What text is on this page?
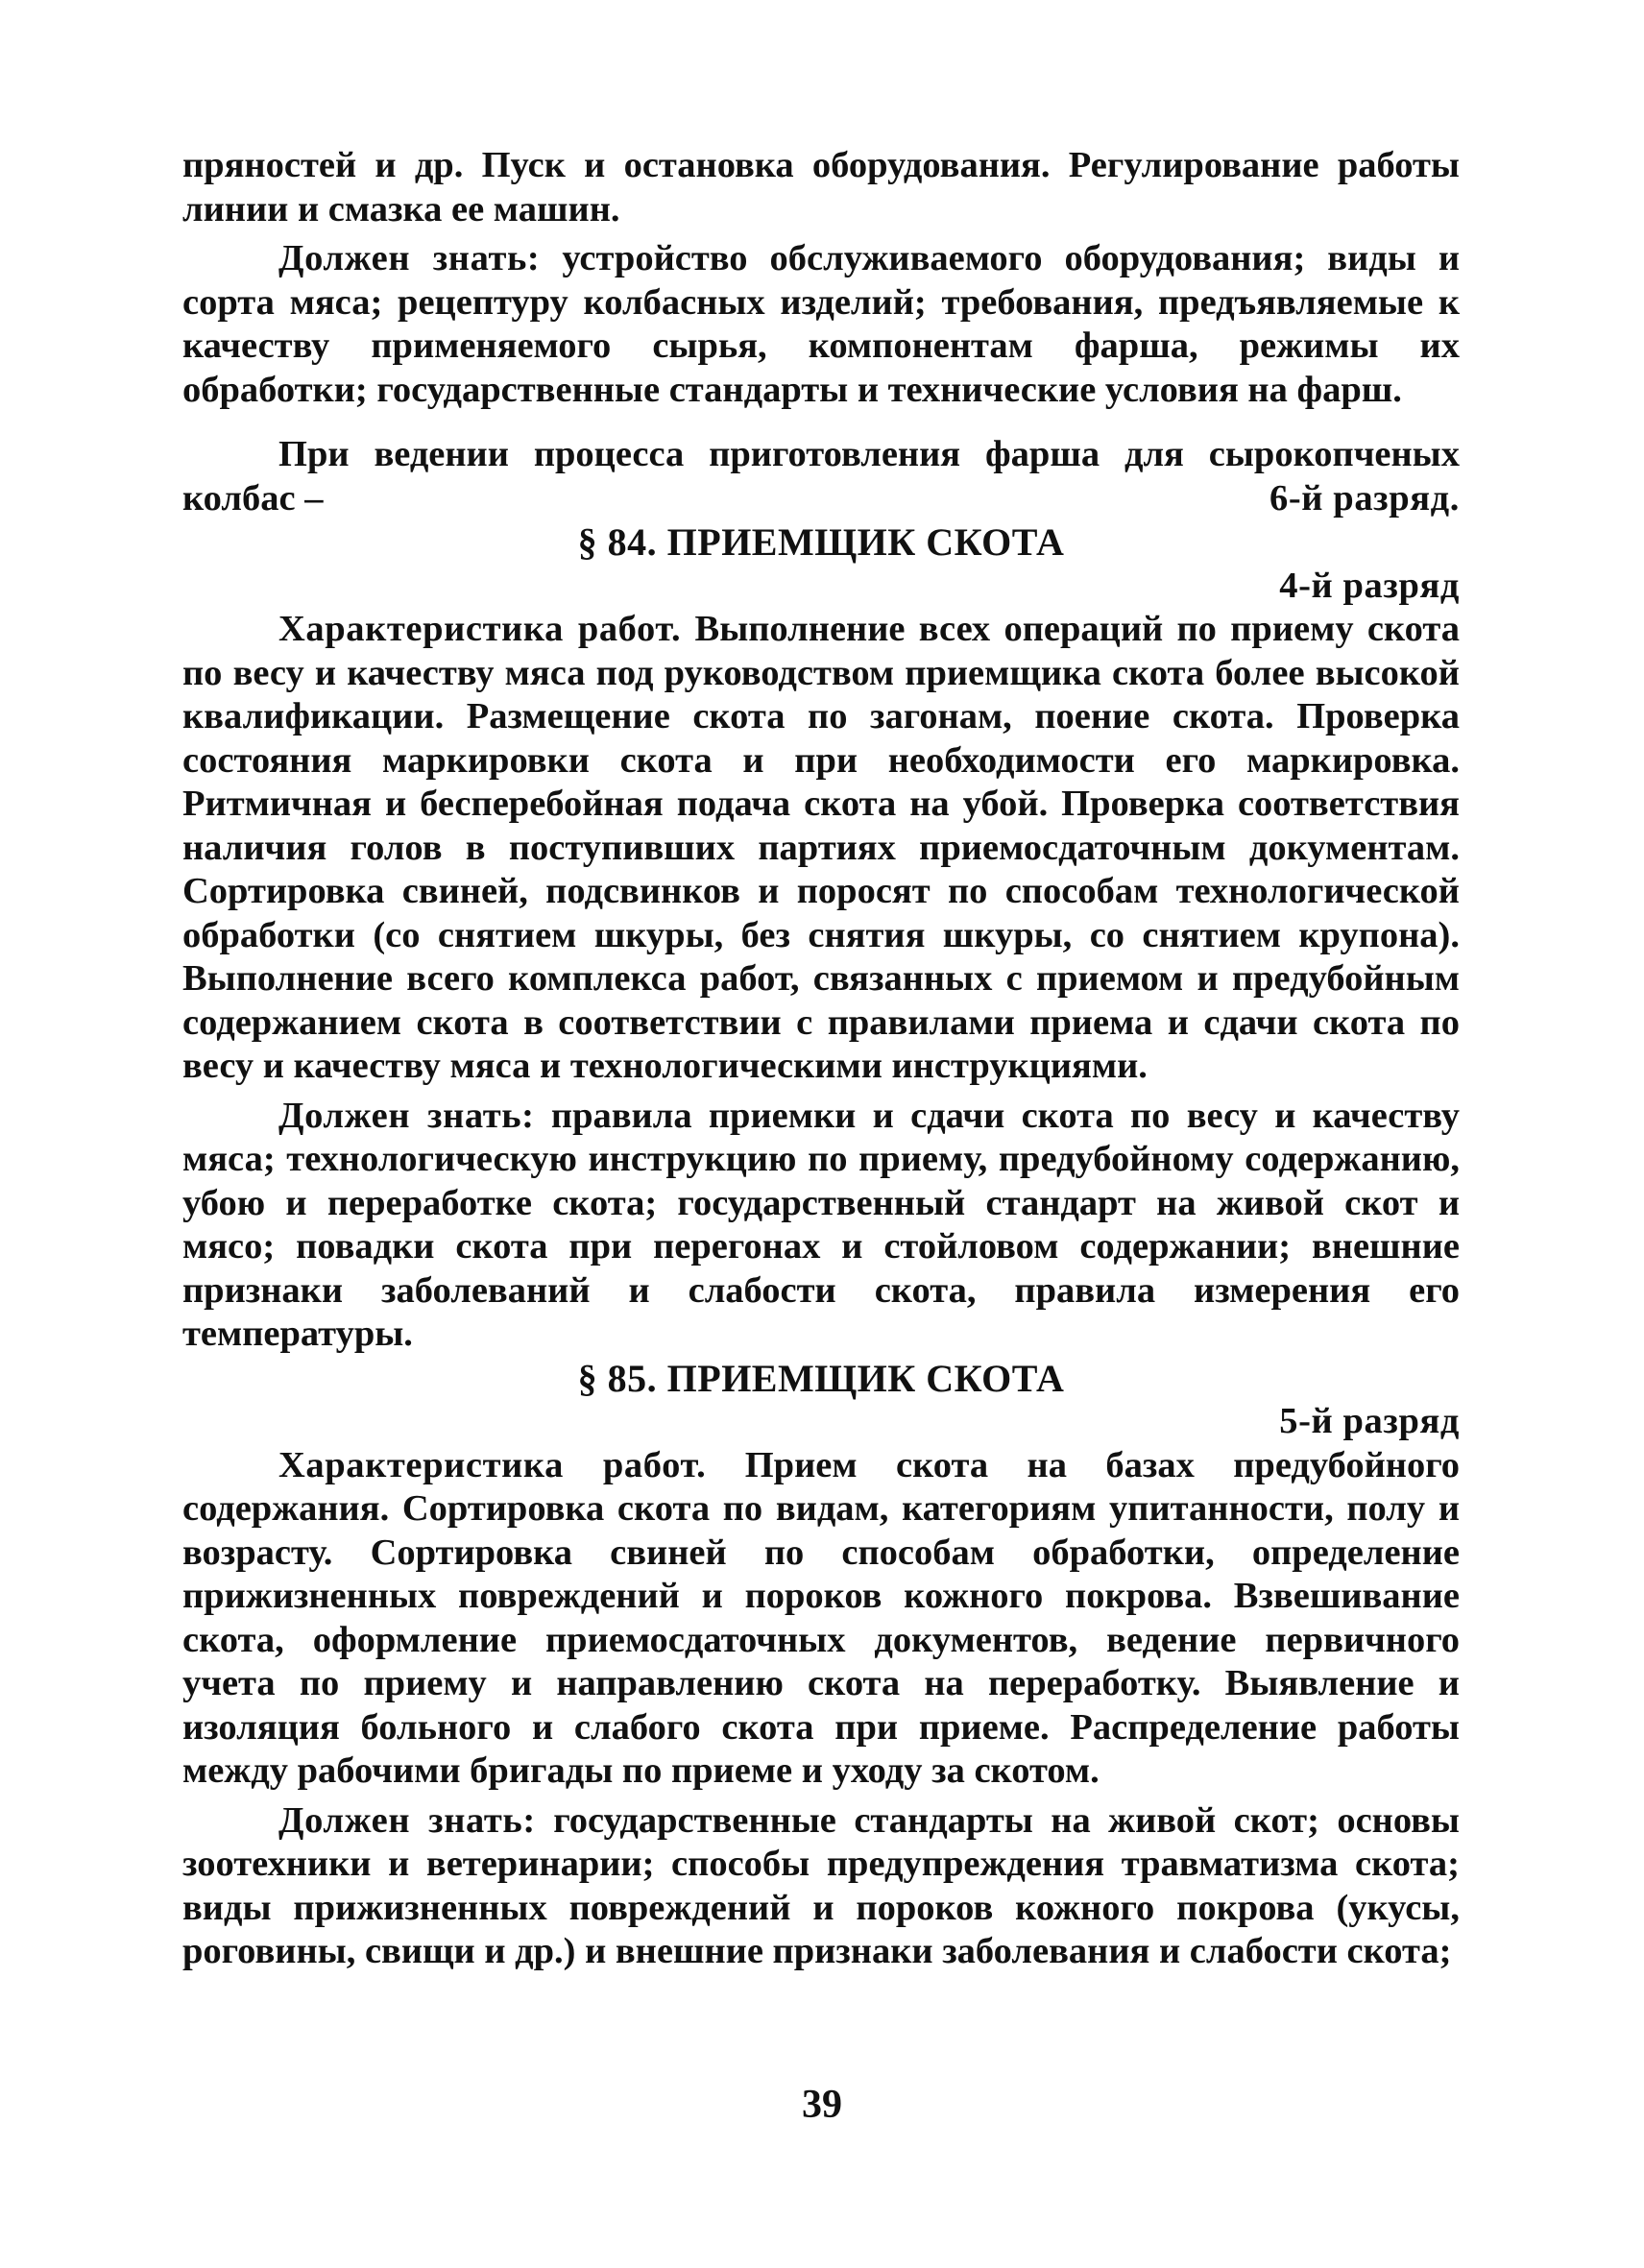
пряностей и др. Пуск и остановка оборудования. Регулирование работы линии и смазка ее машин.

Должен знать: устройство обслуживаемого оборудования; виды и сорта мяса; рецептуру колбасных изделий; требования, предъявляемые к качеству применяемого сырья, компонентам фарша, режимы их обработки; государственные стандарты и технические условия на фарш.

При ведении процесса приготовления фарша для сырокопченых

колбас –	6-й разряд.
§ 84. ПРИЕМЩИК СКОТА

4-й разряд

Характеристика работ. Выполнение всех операций по приему скота по весу и качеству мяса под руководством приемщика скота более высокой квалификации. Размещение скота по загонам, поение скота. Проверка состояния маркировки скота и при необходимости его маркировка. Ритмичная и бесперебойная подача скота на убой. Проверка соответствия наличия голов в поступивших партиях приемосдаточным документам. Сортировка свиней, подсвинков и поросят по способам технологической обработки (со снятием шкуры, без снятия шкуры, со снятием крупона). Выполнение всего комплекса работ, связанных с приемом и предубойным содержанием скота в соответствии с правилами приема и сдачи скота по весу и качеству мяса и технологическими инструкциями.

Должен знать: правила приемки и сдачи скота по весу и качеству мяса; технологическую инструкцию по приему, предубойному содержанию, убою и переработке скота; государственный стандарт на живой скот и мясо; повадки скота при перегонах и стойловом содержании; внешние признаки заболеваний и слабости скота, правила измерения его температуры.

§ 85. ПРИЕМЩИК СКОТА

5-й разряд

Характеристика работ. Прием скота на базах предубойного содержания. Сортировка скота по видам, категориям упитанности, полу и возрасту. Сортировка свиней по способам обработки, определение прижизненных повреждений и пороков кожного покрова. Взвешивание скота, оформление приемосдаточных документов, ведение первичного учета по приему и направлению скота на переработку. Выявление и изоляция больного и слабого скота при приеме. Распределение работы между рабочими бригады по приеме и уходу за скотом.

Должен знать: государственные стандарты на живой скот; основы зоотехники и ветеринарии; способы предупреждения травматизма скота; виды прижизненных повреждений и пороков кожного покрова (укусы, роговины, свищи и др.) и внешние признаки заболевания и слабости скота;

39
